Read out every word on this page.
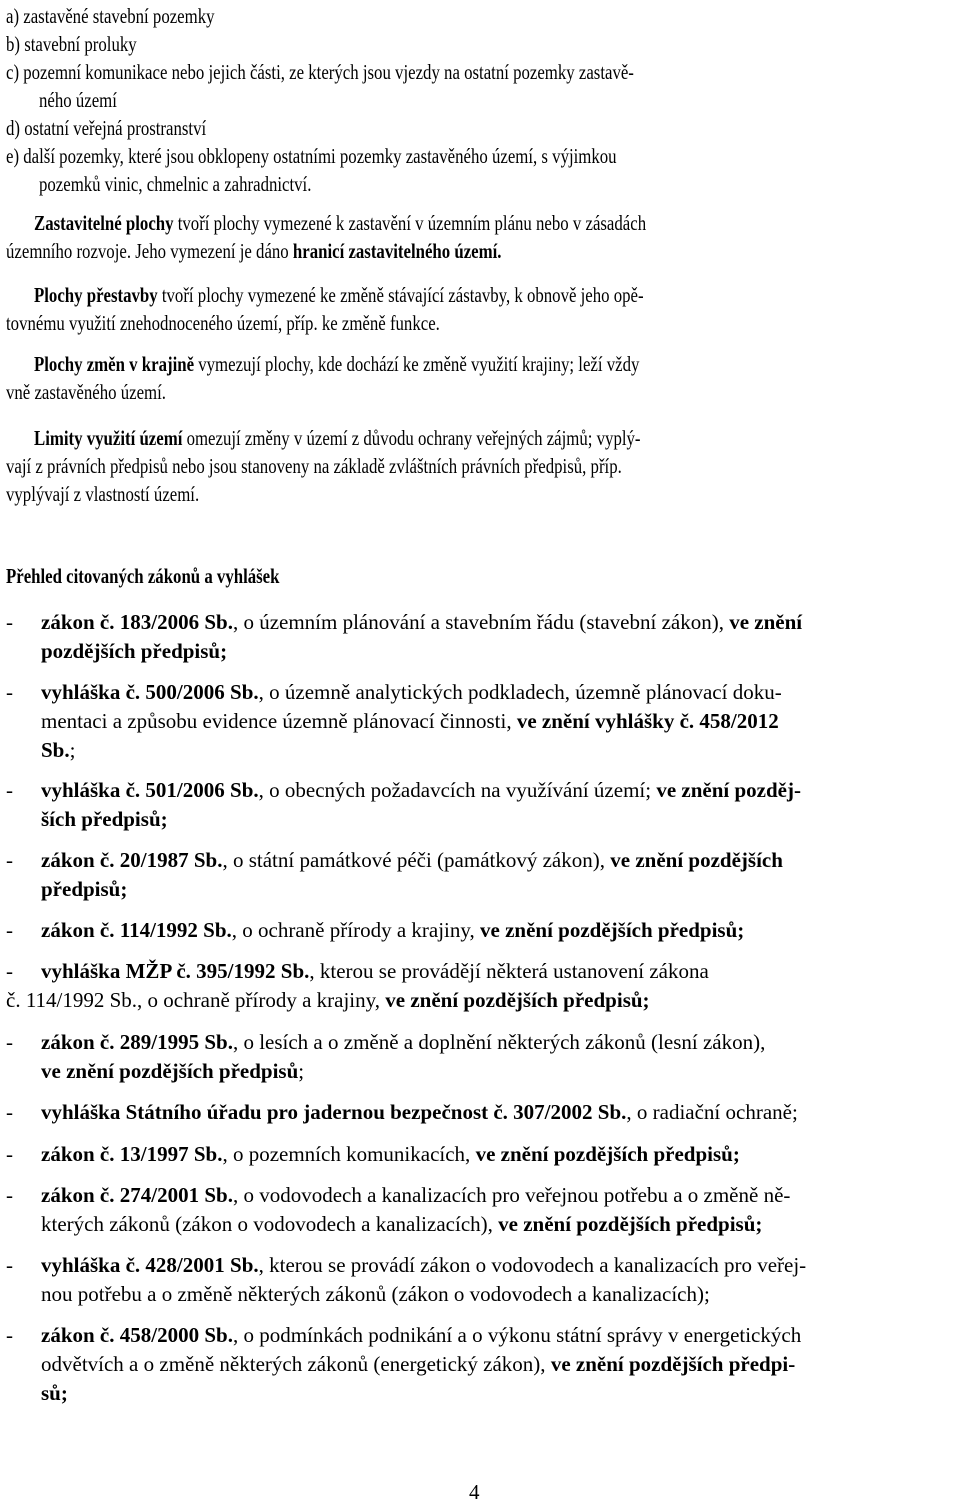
a) zastavěné stavební pozemky
b) stavební proluky
c) pozemní komunikace nebo jejich části, ze kterých jsou vjezdy na ostatní pozemky zastavě-
ného území
d) ostatní veřejná prostranství
e) další pozemky, které jsou obklopeny ostatními pozemky zastavěného území, s výjimkou
pozemků vinic, chmelnic a zahradnictví.
Zastavitelné plochy tvoří plochy vymezené k zastavění v územním plánu nebo v zásadách
územního rozvoje. Jeho vymezení je dáno hranicí zastavitelného území.
Plochy přestavby tvoří plochy vymezené ke změně stávající zástavby, k obnově jeho opě-
tovnému využití znehodnoceného území, příp. ke změně funkce.
Plochy změn v krajině vymezují plochy, kde dochází ke změně využití krajiny; leží vždy
vně zastavěného území.
Limity využití území omezují změny v území z důvodu ochrany veřejných zájmů; vyplý-
vají z právních předpisů nebo jsou stanoveny na základě zvláštních právních předpisů, příp.
vyplývají z vlastností území.
Přehled citovaných zákonů a vyhlášek
- zákon č. 183/2006 Sb., o územním plánování a stavebním řádu (stavební zákon), ve znění
pozdějších předpisů;
- vyhláška č. 500/2006 Sb., o územně analytických podkladech, územně plánovací doku-
mentaci a způsobu evidence územně plánovací činnosti, ve znění vyhlášky č. 458/2012
Sb.;
- vyhláška č. 501/2006 Sb., o obecných požadavcích na využívání území; ve znění pozděj-
ších předpisů;
- zákon č. 20/1987 Sb., o státní památkové péči (památkový zákon), ve znění pozdějších
předpisů;
- zákon č. 114/1992 Sb., o ochraně přírody a krajiny, ve znění pozdějších předpisů;
- vyhláška MŽP č. 395/1992 Sb., kterou se provádějí některá ustanovení zákona
č. 114/1992 Sb., o ochraně přírody a krajiny, ve znění pozdějších předpisů;
- zákon č. 289/1995 Sb., o lesích a o změně a doplnění některých zákonů (lesní zákon),
ve znění pozdějších předpisů;
- vyhláška Státního úřadu pro jadernou bezpečnost č. 307/2002 Sb., o radiační ochraně;
- zákon č. 13/1997 Sb., o pozemních komunikacích, ve znění pozdějších předpisů;
- zákon č. 274/2001 Sb., o vodovodech a kanalizacích pro veřejnou potřebu a o změně ně-
kterých zákonů (zákon o vodovodech a kanalizacích), ve znění pozdějších předpisů;
- vyhláška č. 428/2001 Sb., kterou se provádí zákon o vodovodech a kanalizacích pro veřej-
nou potřebu a o změně některých zákonů (zákon o vodovodech a kanalizacích);
- zákon č. 458/2000 Sb., o podmínkách podnikání a o výkonu státní správy v energetických
odvětvích a o změně některých zákonů (energetický zákon), ve znění pozdějších předpi-
sů;
4
